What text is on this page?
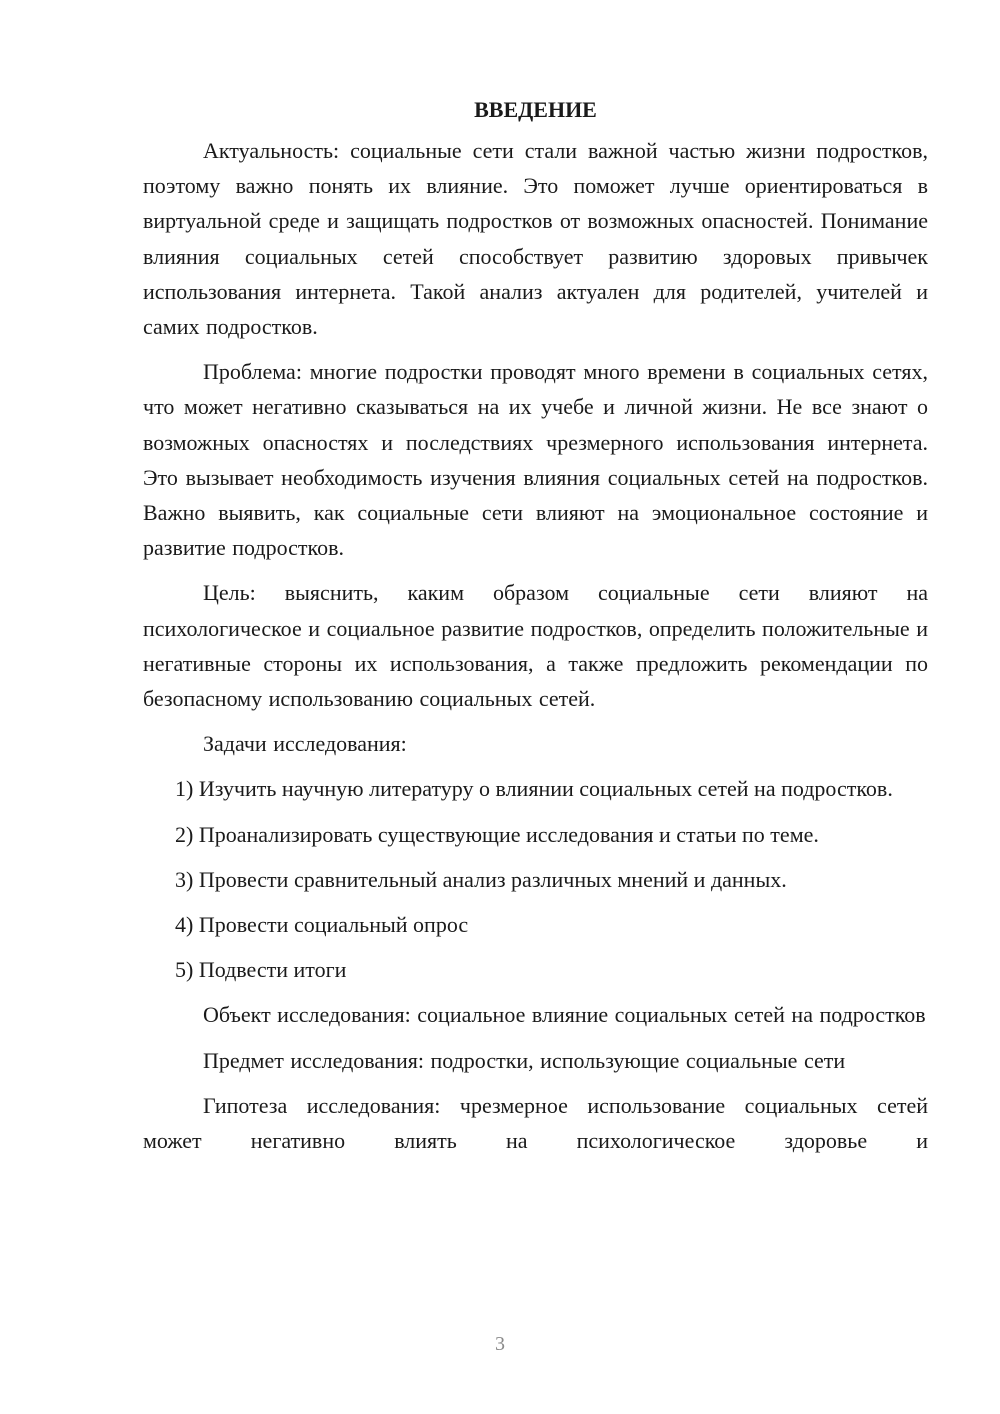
ВВЕДЕНИЕ

Актуальность: социальные сети стали важной частью жизни подростков, поэтому важно понять их влияние. Это поможет лучше ориентироваться в виртуальной среде и защищать подростков от возможных опасностей. Понимание влияния социальных сетей способствует развитию здоровых привычек использования интернета. Такой анализ актуален для родителей, учителей и самих подростков.

Проблема: многие подростки проводят много времени в социальных сетях, что может негативно сказываться на их учебе и личной жизни. Не все знают о возможных опасностях и последствиях чрезмерного использования интернета. Это вызывает необходимость изучения влияния социальных сетей на подростков. Важно выявить, как социальные сети влияют на эмоциональное состояние и развитие подростков.

Цель: выяснить, каким образом социальные сети влияют на психологическое и социальное развитие подростков, определить положительные и негативные стороны их использования, а также предложить рекомендации по безопасному использованию социальных сетей.

Задачи исследования:

1) Изучить научную литературу о влиянии социальных сетей на подростков.

2) Проанализировать существующие исследования и статьи по теме.

3) Провести сравнительный анализ различных мнений и данных.

4) Провести социальный опрос

5) Подвести итоги

Объект исследования: социальное влияние социальных сетей на подростков

Предмет исследования: подростки, использующие социальные сети

Гипотеза исследования: чрезмерное использование социальных сетей может негативно влиять на психологическое здоровье и

3
